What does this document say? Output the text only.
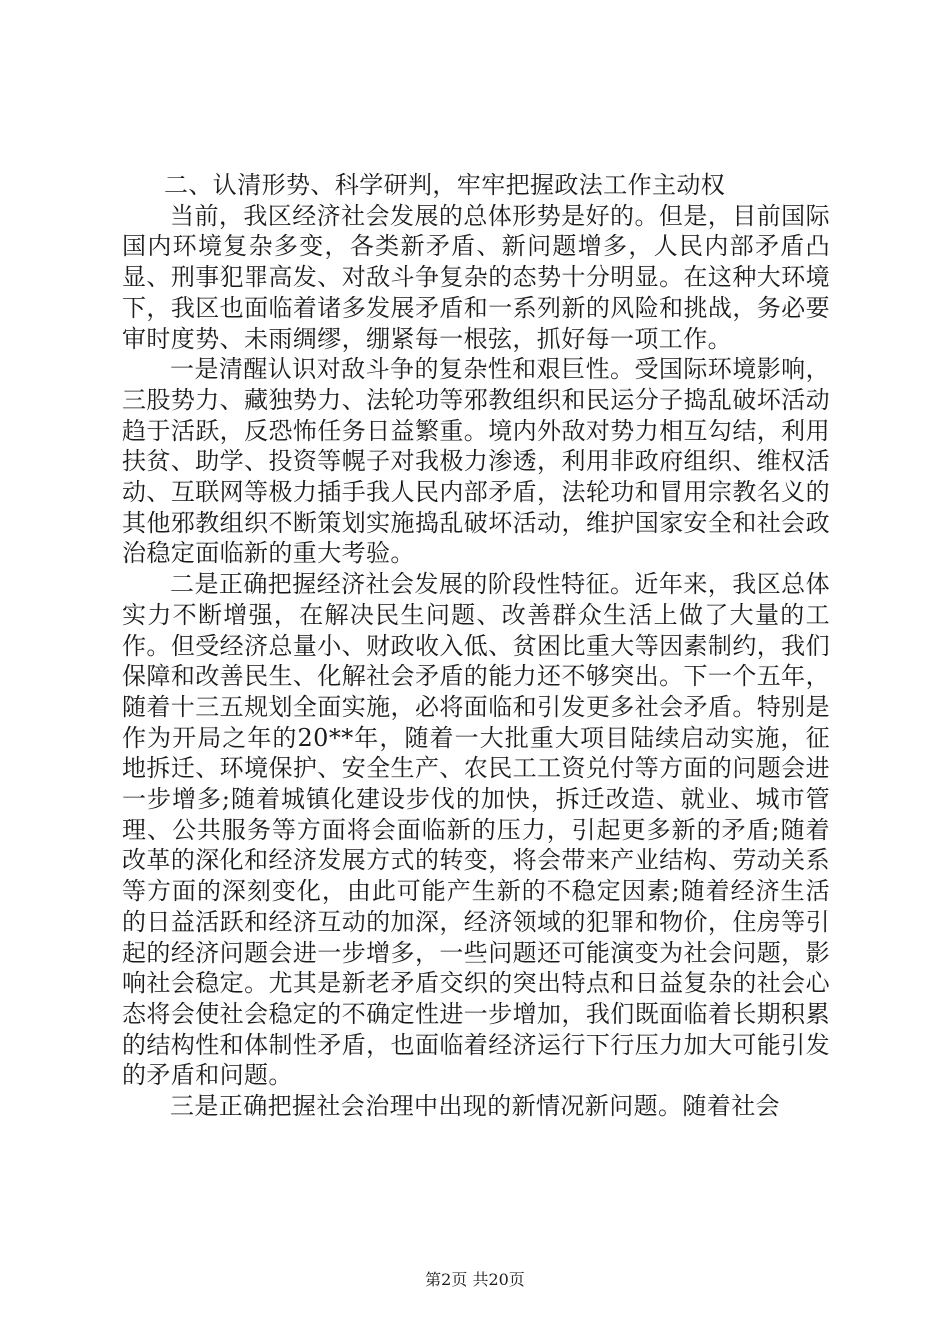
二、认清形势、科学研判，牢牢把握政法工作主动权

当前，我区经济社会发展的总体形势是好的。但是，目前国际国内环境复杂多变，各类新矛盾、新问题增多，人民内部矛盾凸显、刑事犯罪高发、对敌斗争复杂的态势十分明显。在这种大环境下，我区也面临着诸多发展矛盾和一系列新的风险和挑战，务必要审时度势、未雨绸缪，绷紧每一根弦，抓好每一项工作。

一是清醒认识对敌斗争的复杂性和艰巨性。受国际环境影响，三股势力、藏独势力、法轮功等邪教组织和民运分子捣乱破坏活动趋于活跃，反恐怖任务日益繁重。境内外敌对势力相互勾结，利用扶贫、助学、投资等幌子对我极力渗透，利用非政府组织、维权活动、互联网等极力插手我人民内部矛盾，法轮功和冒用宗教名义的其他邪教组织不断策划实施捣乱破坏活动，维护国家安全和社会政治稳定面临新的重大考验。

二是正确把握经济社会发展的阶段性特征。近年来，我区总体实力不断增强，在解决民生问题、改善群众生活上做了大量的工作。但受经济总量小、财政收入低、贫困比重大等因素制约，我们保障和改善民生、化解社会矛盾的能力还不够突出。下一个五年，随着十三五规划全面实施，必将面临和引发更多社会矛盾。特别是作为开局之年的20**年，随着一大批重大项目陆续启动实施，征地拆迁、环境保护、安全生产、农民工工资兑付等方面的问题会进一步增多;随着城镇化建设步伐的加快，拆迁改造、就业、城市管理、公共服务等方面将会面临新的压力，引起更多新的矛盾;随着改革的深化和经济发展方式的转变，将会带来产业结构、劳动关系等方面的深刻变化，由此可能产生新的不稳定因素;随着经济生活的日益活跃和经济互动的加深，经济领域的犯罪和物价，住房等引起的经济问题会进一步增多，一些问题还可能演变为社会问题，影响社会稳定。尤其是新老矛盾交织的突出特点和日益复杂的社会心态将会使社会稳定的不确定性进一步增加，我们既面临着长期积累的结构性和体制性矛盾，也面临着经济运行下行压力加大可能引发的矛盾和问题。

三是正确把握社会治理中出现的新情况新问题。随着社会

第2页 共20页
